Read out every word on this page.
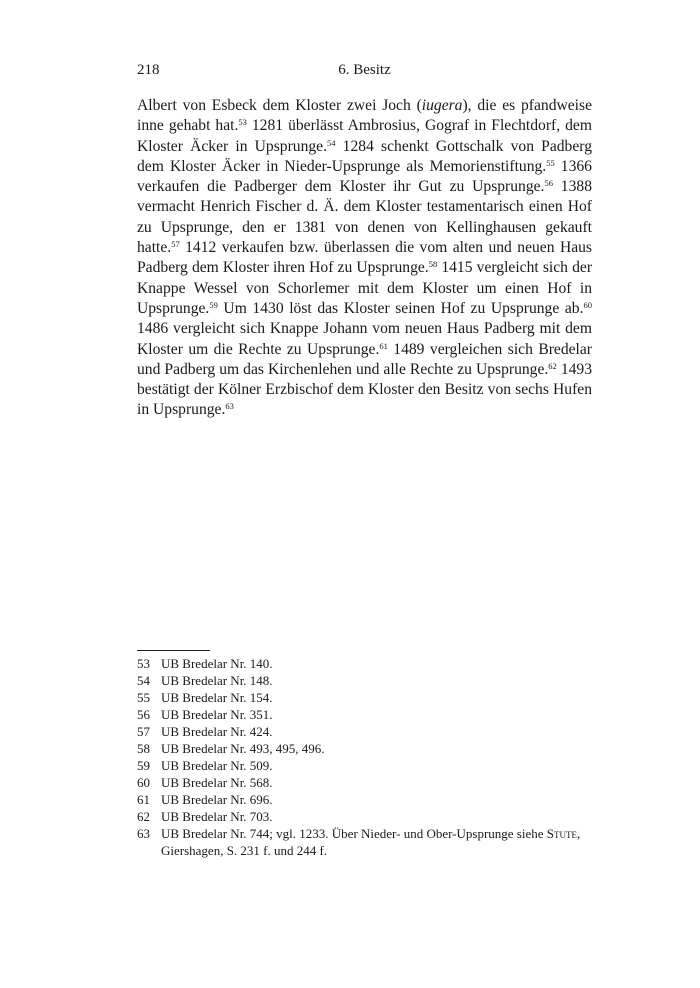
218	6. Besitz

Albert von Esbeck dem Kloster zwei Joch (iugera), die es pfandweise inne gehabt hat.$^{53}$ 1281 überlässt Ambrosius, Gograf in Flechtdorf, dem Kloster Äcker in Upsprunge.$^{54}$ 1284 schenkt Gottschalk von Padberg dem Kloster Äcker in Nieder-Upsprunge als Memorienstiftung.$^{55}$ 1366 verkaufen die Padberger dem Kloster ihr Gut zu Upsprunge.$^{56}$ 1388 vermacht Henrich Fischer d. Ä. dem Kloster testamentarisch einen Hof zu Upsprunge, den er 1381 von denen von Kellinghausen gekauft hatte.$^{57}$ 1412 verkaufen bzw. überlassen die vom alten und neuen Haus Padberg dem Kloster ihren Hof zu Upsprunge.$^{58}$ 1415 vergleicht sich der Knappe Wessel von Schorlemer mit dem Kloster um einen Hof in Upsprunge.$^{59}$ Um 1430 löst das Kloster seinen Hof zu Upsprunge ab.$^{60}$ 1486 vergleicht sich Knappe Johann vom neuen Haus Padberg mit dem Kloster um die Rechte zu Upsprunge.$^{61}$ 1489 vergleichen sich Bredelar und Padberg um das Kirchenlehen und alle Rechte zu Upsprunge.$^{62}$ 1493 bestätigt der Kölner Erzbischof dem Kloster den Besitz von sechs Hufen in Upsprunge.$^{63}$

53 UB Bredelar Nr. 140.
54 UB Bredelar Nr. 148.
55 UB Bredelar Nr. 154.
56 UB Bredelar Nr. 351.
57 UB Bredelar Nr. 424.
58 UB Bredelar Nr. 493, 495, 496.
59 UB Bredelar Nr. 509.
60 UB Bredelar Nr. 568.
61 UB Bredelar Nr. 696.
62 UB Bredelar Nr. 703.
63 UB Bredelar Nr. 744; vgl. 1233. Über Nieder- und Ober-Upsprunge siehe Stute, Giershagen, S. 231 f. und 244 f.
